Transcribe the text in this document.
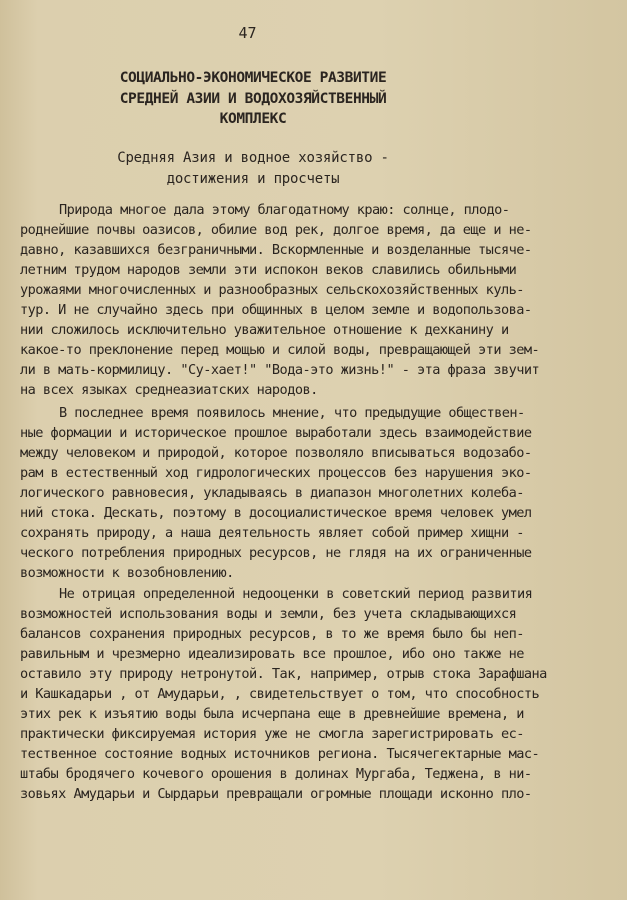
47
СОЦИАЛЬНО-ЭКОНОМИЧЕСКОЕ РАЗВИТИЕ
СРЕДНЕЙ АЗИИ И ВОДОХОЗЯЙСТВЕННЫЙ
КОМПЛЕКС
Средняя Азия и водное хозяйство -
достижения и просчеты
Природа многое дала этому благодатному краю: солнце, плодо-
роднейшие почвы оазисов, обилие вод рек, долгое время, да еще и не-
давно, казавшихся безграничными. Вскормленные и возделанные тысяче-
летним трудом народов земли эти испокон веков славились обильными
урожаями многочисленных и разнообразных сельскохозяйственных куль-
тур. И не случайно здесь при общинных в целом земле и водопользова-
нии сложилось исключительно уважительное отношение к дехканину и
какое-то преклонение перед мощью и силой воды, превращающей эти зем-
ли в мать-кормилицу. "Су-хает!" "Вода-это жизнь!" - эта фраза звучит
на всех языках среднеазиатских народов.
В последнее время появилось мнение, что предыдущие обществен-
ные формации и историческое прошлое выработали здесь взаимодействие
между человеком и природой, которое позволяло вписываться водозабо-
рам в естественный ход гидрологических процессов без нарушения эко-
логического равновесия, укладываясь в диапазон многолетних колеба-
ний стока. Дескать, поэтому в досоциалистическое время человек умел
сохранять природу, а наша деятельность являет собой пример хищни -
ческого потребления природных ресурсов, не глядя на их ограниченные
возможности к возобновлению.
Не отрицая определенной недооценки в советский период развития
возможностей использования воды и земли, без учета складывающихся
балансов сохранения природных ресурсов, в то же время было бы неп-
равильным и чрезмерно идеализировать все прошлое, ибо оно также не
оставило эту природу нетронутой. Так, например, отрыв стока Зарафшана
и Кашкадарьи , от Амударьи, , свидетельствует о том, что способность
этих рек к изъятию воды была исчерпана еще в древнейшие времена, и
практически фиксируемая история уже не смогла зарегистрировать ес-
тественное состояние водных источников региона. Тысячегектарные мас-
штабы бродячего кочевого орошения в долинах Мургаба, Теджена, в ни-
зовьях Амударьи и Сырдарьи превращали огромные площади исконно пло-
